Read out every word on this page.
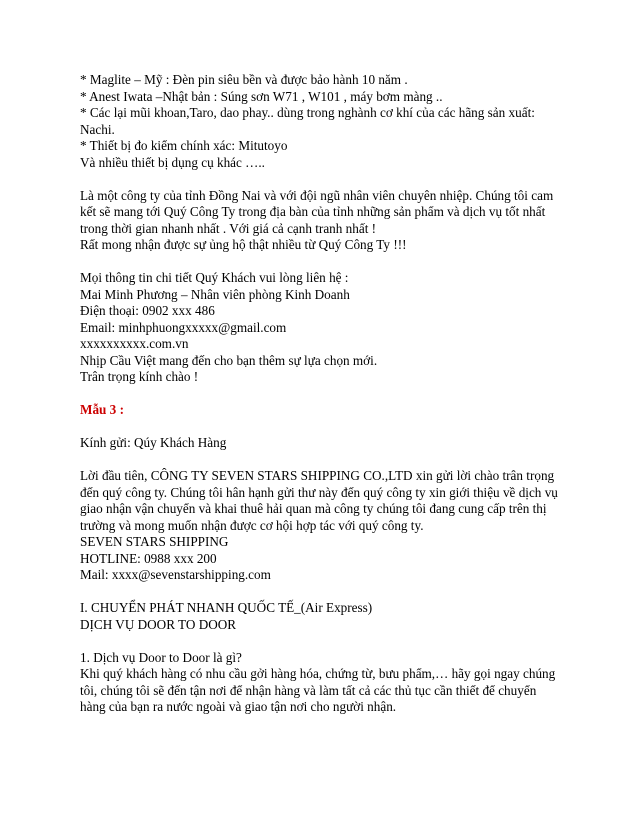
* Maglite – Mỹ : Đèn pin siêu bền và được bảo hành 10 năm .
* Anest Iwata –Nhật bản : Súng sơn W71 , W101 , máy bơm màng ..
* Các lại mũi khoan,Taro, dao phay.. dùng trong nghành cơ khí của các hãng sản xuất:
Nachi.
* Thiết bị đo kiểm chính xác: Mitutoyo
Và nhiều thiết bị dụng cụ khác …..
Là một công ty của tỉnh Đồng Nai và với đội ngũ nhân viên chuyên nhiệp. Chúng tôi cam
kết sẽ mang tới Quý Công Ty trong địa bàn của tỉnh những sản phẩm và dịch vụ tốt nhất
trong thời gian nhanh nhất . Với giá cả cạnh tranh nhất !
Rất mong nhận được sự ủng hộ thật nhiều từ Quý Công Ty !!!
Mọi thông tin chi tiết Quý Khách vui lòng liên hệ :
Mai Minh Phương – Nhân viên phòng Kinh Doanh
Điện thoại: 0902 xxx 486
Email: minhphuongxxxxx@gmail.com
xxxxxxxxxx.com.vn
Nhịp Cầu Việt mang đến cho bạn thêm sự lựa chọn mới.
Trân trọng kính chào !
Mẫu 3 :
Kính gửi: Qúy Khách Hàng
Lời đầu tiên, CÔNG TY SEVEN STARS SHIPPING CO.,LTD xin gửi lời chào trân trọng
đến quý công ty. Chúng tôi hân hạnh gửi thư này đến quý công ty xin giới thiệu về dịch vụ
giao nhận vận chuyển và khai thuê hải quan mà công ty chúng tôi đang cung cấp trên thị
trường và mong muốn nhận được cơ hội hợp tác với quý công ty.
SEVEN STARS SHIPPING
HOTLINE: 0988 xxx 200
Mail: xxxx@sevenstarshipping.com
I. CHUYỂN PHÁT NHANH QUỐC TẾ_(Air Express)
DỊCH VỤ DOOR TO DOOR
1. Dịch vụ Door to Door là gì?
Khi quý khách hàng có nhu cầu gởi hàng hóa, chứng từ, bưu phẩm,… hãy gọi ngay chúng
tôi, chúng tôi sẽ đến tận nơi để nhận hàng và làm tất cả các thủ tục cần thiết để chuyển
hàng của bạn ra nước ngoài và giao tận nơi cho người nhận.
